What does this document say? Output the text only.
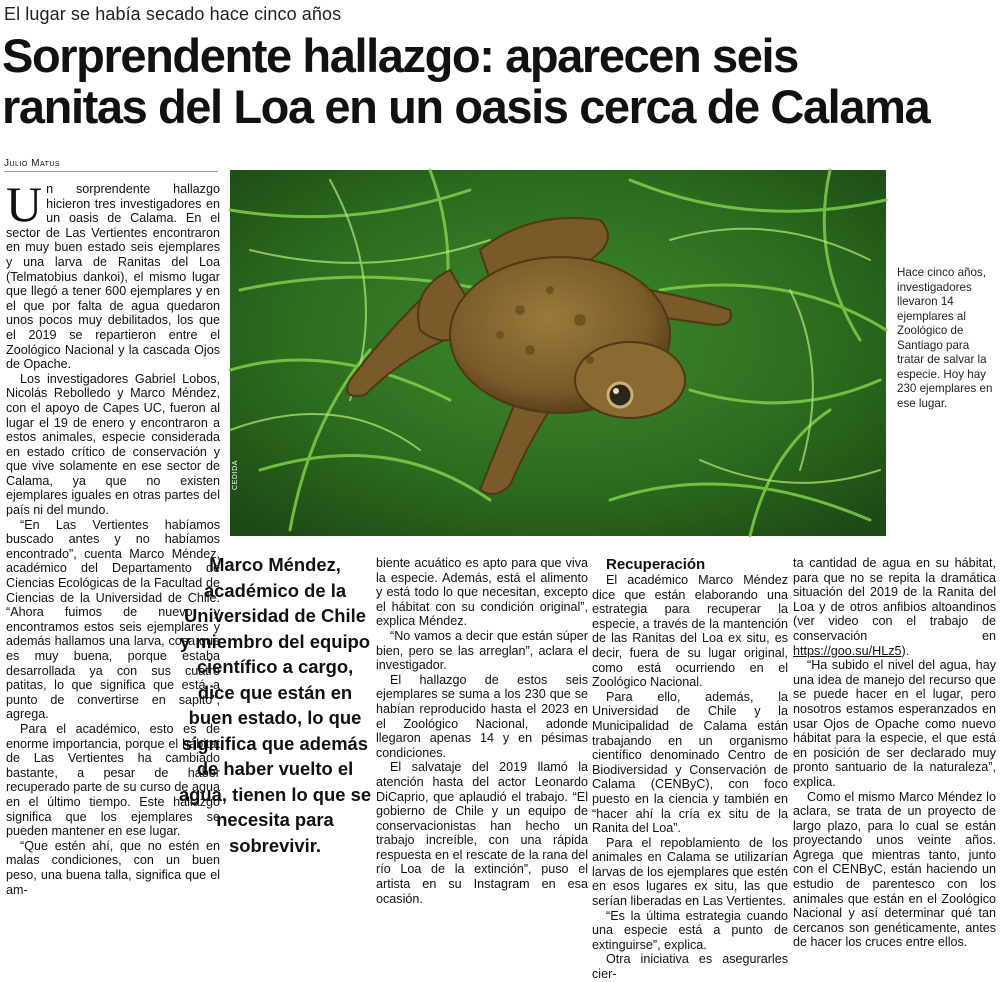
El lugar se había secado hace cinco años
Sorprendente hallazgo: aparecen seis
ranitas del Loa en un oasis cerca de Calama
Julio Matus

Un sorprendente hallazgo hicieron tres investigadores en un oasis de Calama. En el sector de Las Vertientes encontraron en muy buen estado seis ejemplares y una larva de Ranitas del Loa (Telmatobius dankoi), el mismo lugar que llegó a tener 600 ejemplares y en el que por falta de agua quedaron unos pocos muy debilitados, los que el 2019 se repartieron entre el Zoológico Nacional y la cascada Ojos de Opache.

Los investigadores Gabriel Lobos, Nicolás Rebolledo y Marco Méndez, con el apoyo de Capes UC, fueron al lugar el 19 de enero y encontraron a estos animales, especie considerada en estado crítico de conservación y que vive solamente en ese sector de Calama, ya que no existen ejemplares iguales en otras partes del país ni del mundo.

“En Las Vertientes habíamos buscado antes y no habíamos encontrado”, cuenta Marco Méndez, académico del Departamento de Ciencias Ecológicas de la Facultad de Ciencias de la Universidad de Chile. “Ahora fuimos de nuevo y encontramos estos seis ejemplares y además hallamos una larva, cosa que es muy buena, porque estaba desarrollada ya con sus cuatro patitas, lo que significa que está a punto de convertirse en sapito”, agrega.

Para el académico, esto es de enorme importancia, porque el hábitat de Las Vertientes ha cambiado bastante, a pesar de haber recuperado parte de su curso de agua en el último tiempo. Este hallazgo significa que los ejemplares se pueden mantener en ese lugar.

“Que estén ahí, que no estén en malas condiciones, con un buen peso, una buena talla, significa que el am-

CEDIDA
Hace cinco años, investigadores llevaron 14 ejemplares al Zoológico de Santiago para tratar de salvar la especie. Hoy hay 230 ejemplares en ese lugar.
Marco Méndez, académico de la Universidad de Chile y miembro del equipo científico a cargo, dice que están en buen estado, lo que significa que además de haber vuelto el agua, tienen lo que se necesita para sobrevivir.

biente acuático es apto para que viva la especie. Además, está el alimento y está todo lo que necesitan, excepto el hábitat con su condición original”, explica Méndez.

“No vamos a decir que están súper bien, pero se las arreglan”, aclara el investigador.

El hallazgo de estos seis ejemplares se suma a los 230 que se habían reproducido hasta el 2023 en el Zoológico Nacional, adonde llegaron apenas 14 y en pésimas condiciones.

El salvataje del 2019 llamó la atención hasta del actor Leonardo DiCaprio, que aplaudió el trabajo. “El gobierno de Chile y un equipo de conservacionistas han hecho un trabajo increíble, con una rápida respuesta en el rescate de la rana del río Loa de la extinción”, puso el artista en su Instagram en esa ocasión.

Recuperación

El académico Marco Méndez dice que están elaborando una estrategia para recuperar la especie, a través de la mantención de las Ranitas del Loa ex situ, es decir, fuera de su lugar original, como está ocurriendo en el Zoológico Nacional.

Para ello, además, la Universidad de Chile y la Municipalidad de Calama están trabajando en un organismo científico denominado Centro de Biodiversidad y Conservación de Calama (CENByC), con foco puesto en la ciencia y también en “hacer ahí la cría ex situ de la Ranita del Loa”.

Para el repoblamiento de los animales en Calama se utilizarían larvas de los ejemplares que estén en esos lugares ex situ, las que serían liberadas en Las Vertientes.

“Es la última estrategia cuando una especie está a punto de extinguirse”, explica.

Otra iniciativa es asegurarles cier-

ta cantidad de agua en su hábitat, para que no se repita la dramática situación del 2019 de la Ranita del Loa y de otros anfibios altoandinos (ver video con el trabajo de conservación en https://goo.su/HLz5).

“Ha subido el nivel del agua, hay una idea de manejo del recurso que se puede hacer en el lugar, pero nosotros estamos esperanzados en usar Ojos de Opache como nuevo hábitat para la especie, el que está en posición de ser declarado muy pronto santuario de la naturaleza”, explica.

Como el mismo Marco Méndez lo aclara, se trata de un proyecto de largo plazo, para lo cual se están proyectando unos veinte años. Agrega que mientras tanto, junto con el CENByC, están haciendo un estudio de parentesco con los animales que están en el Zoológico Nacional y así determinar qué tan cercanos son genéticamente, antes de hacer los cruces entre ellos.
